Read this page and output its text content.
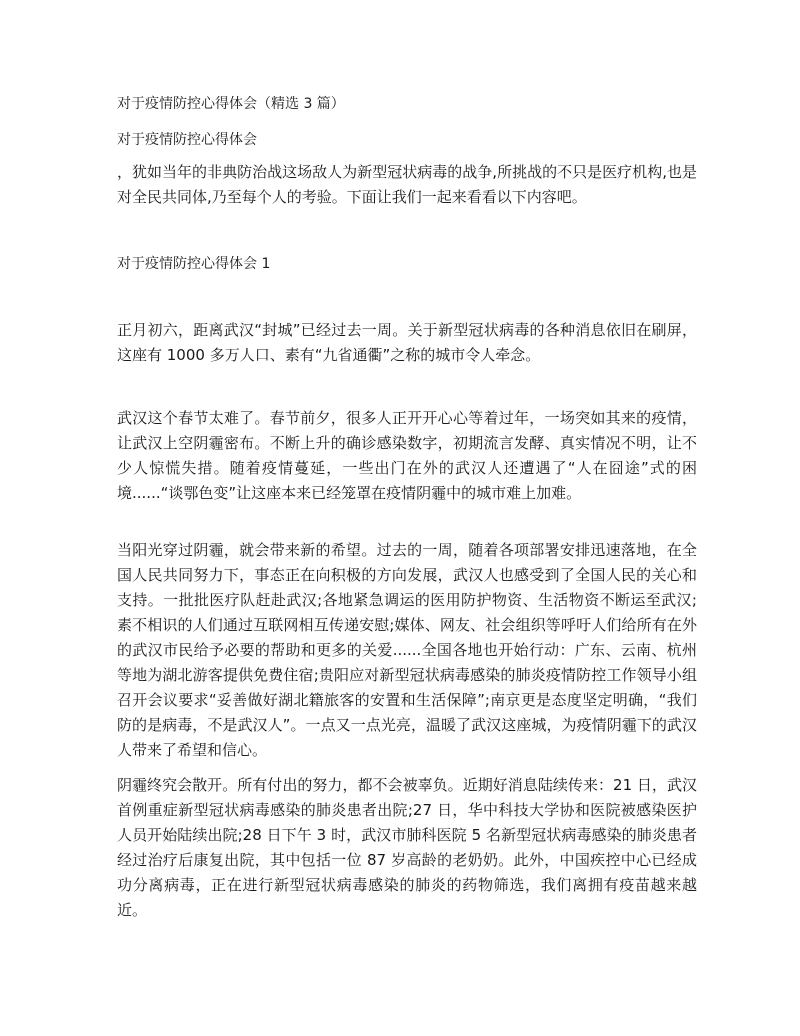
对于疫情防控心得体会（精选 3 篇）
对于疫情防控心得体会

，犹如当年的非典防治战这场敌人为新型冠状病毒的战争,所挑战的不只是医疗机构,也是对全民共同体,乃至每个人的考验。下面让我们一起来看看以下内容吧。

对于疫情防控心得体会 1

正月初六，距离武汉“封城”已经过去一周。关于新型冠状病毒的各种消息依旧在刷屏，这座有 1000 多万人口、素有“九省通衢”之称的城市令人牵念。

武汉这个春节太难了。春节前夕，很多人正开开心心等着过年，一场突如其来的疫情，让武汉上空阴霾密布。不断上升的确诊感染数字，初期流言发酵、真实情况不明，让不少人惊慌失措。随着疫情蔓延，一些出门在外的武汉人还遭遇了“人在囧途”式的困境......“谈鄂色变”让这座本来已经笼罩在疫情阴霾中的城市难上加难。

当阳光穿过阴霾，就会带来新的希望。过去的一周，随着各项部署安排迅速落地，在全国人民共同努力下，事态正在向积极的方向发展，武汉人也感受到了全国人民的关心和支持。一批批医疗队赶赴武汉;各地紧急调运的医用防护物资、生活物资不断运至武汉;素不相识的人们通过互联网相互传递安慰;媒体、网友、社会组织等呼吁人们给所有在外的武汉市民给予必要的帮助和更多的关爱......全国各地也开始行动：广东、云南、杭州等地为湖北游客提供免费住宿;贵阳应对新型冠状病毒感染的肺炎疫情防控工作领导小组召开会议要求“妥善做好湖北籍旅客的安置和生活保障”;南京更是态度坚定明确，“我们防的是病毒，不是武汉人”。一点又一点光亮，温暖了武汉这座城，为疫情阴霾下的武汉人带来了希望和信心。

阴霾终究会散开。所有付出的努力，都不会被辜负。近期好消息陆续传来：21 日，武汉首例重症新型冠状病毒感染的肺炎患者出院;27 日，华中科技大学协和医院被感染医护人员开始陆续出院;28 日下午 3 时，武汉市肺科医院 5 名新型冠状病毒感染的肺炎患者经过治疗后康复出院，其中包括一位 87 岁高龄的老奶奶。此外，中国疾控中心已经成功分离病毒，正在进行新型冠状病毒感染的肺炎的药物筛选，我们离拥有疫苗越来越近。
